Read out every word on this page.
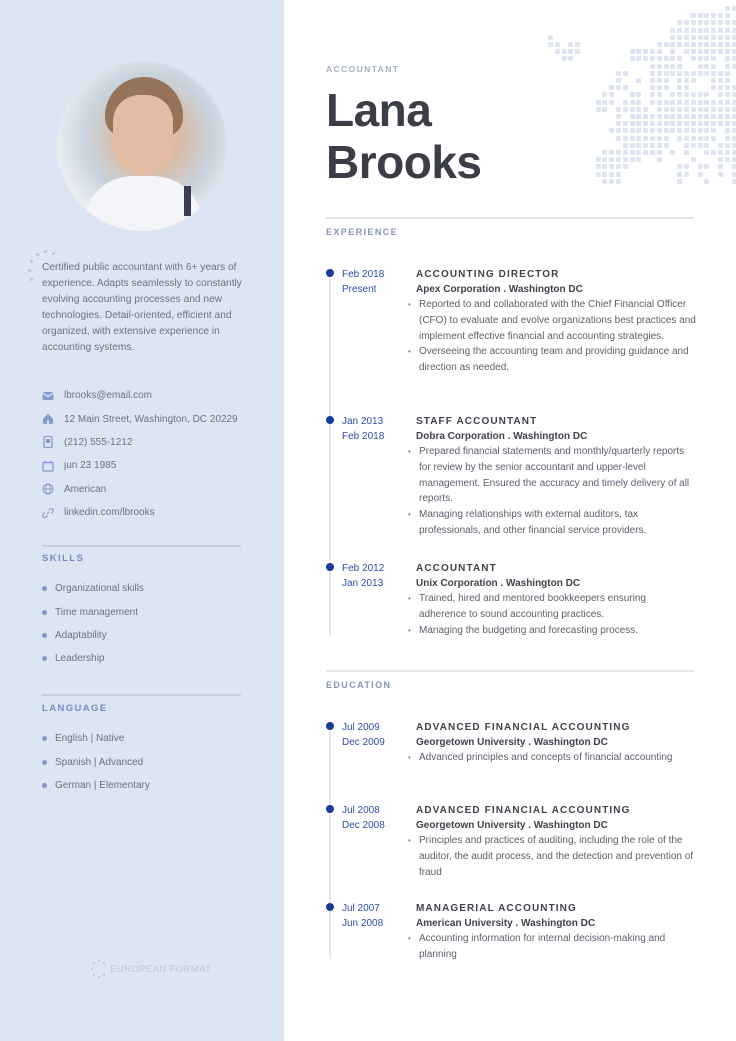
Certified public accountant with 6+ years of experience. Adapts seamlessly to constantly evolving accounting processes and new technologies. Detail-oriented, efficient and organized, with extensive experience in accounting systems.

lbrooks@email.com
12 Main Street, Washington, DC 20229
(212) 555-1212
jun 23 1985
American
linkedin.com/lbrooks
SKILLS
Organizational skills
Time management
Adaptability
Leadership
LANGUAGE
English | Native
Spanish | Advanced
German | Elementary
EUROPEAN FORMAT
ACCOUNTANT
Lana
Brooks
EXPERIENCE
Feb 2018
Present
ACCOUNTING DIRECTOR
Apex Corporation . Washington DC
• Reported to and collaborated with the Chief Financial Officer (CFO) to evaluate and evolve organizations best practices and implement effective financial and accounting strategies.
• Overseeing the accounting team and providing guidance and direction as needed.
Jan 2013
Feb 2018
STAFF ACCOUNTANT
Dobra Corporation . Washington DC
• Prepared financial statements and monthly/quarterly reports for review by the senior accountant and upper-level management. Ensured the accuracy and timely delivery of all reports.
• Managing relationships with external auditors, tax professionals, and other financial service providers.
Feb 2012
Jan 2013
ACCOUNTANT
Unix Corporation . Washington DC
• Trained, hired and mentored bookkeepers ensuring adherence to sound accounting practices.
• Managing the budgeting and forecasting process.
EDUCATION
Jul 2009
Dec 2009
ADVANCED FINANCIAL ACCOUNTING
Georgetown University . Washington DC
• Advanced principles and concepts of financial accounting
Jul 2008
Dec 2008
ADVANCED FINANCIAL ACCOUNTING
Georgetown University . Washington DC
• Principles and practices of auditing, including the role of the auditor, the audit process, and the detection and prevention of fraud
Jul 2007
Jun 2008
MANAGERIAL ACCOUNTING
American University . Washington DC
• Accounting information for internal decision-making and planning
